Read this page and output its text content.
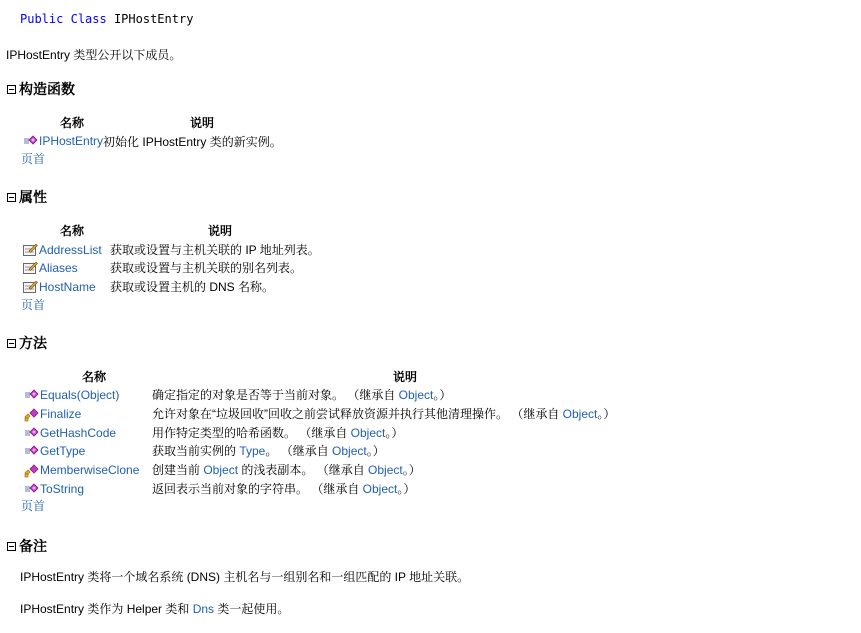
Public Class IPHostEntry
IPHostEntry 类型公开以下成员。
构造函数
名称	说明
IPHostEntry 初始化 IPHostEntry 类的新实例。
页首
属性
名称	说明
AddressList 获取或设置与主机关联的 IP 地址列表。
Aliases	获取或设置与主机关联的别名列表。
HostName 获取或设置主机的 DNS 名称。
页首
方法
名称	说明
Equals(Object)	确定指定的对象是否等于当前对象。 （继承自 Object。）
Finalize	允许对象在“垃圾回收”回收之前尝试释放资源并执行其他清理操作。 （继承自 Object。）
GetHashCode	用作特定类型的哈希函数。 （继承自 Object。）
GetType	获取当前实例的 Type。 （继承自 Object。）
MemberwiseClone 创建当前 Object 的浅表副本。 （继承自 Object。）
ToString	返回表示当前对象的字符串。 （继承自 Object。）
页首
备注
IPHostEntry 类将一个域名系统 (DNS) 主机名与一组别名和一组匹配的 IP 地址关联。
IPHostEntry 类作为 Helper 类和 Dns 类一起使用。
